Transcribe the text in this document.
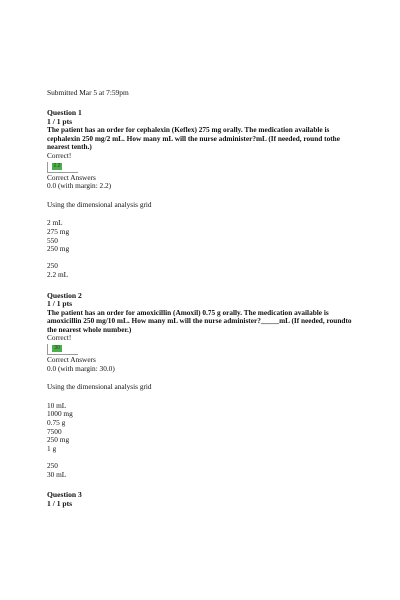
Submitted Mar 5 at 7:59pm
Question 1
1 / 1 pts

The patient has an order for cephalexin (Keflex) 275 mg orally. The medication available is cephalexin 250 mg/2 mL. How many mL will the nurse administer?mL (If needed, round tothe nearest tenth.)

Correct!
2.2
Correct Answers
0.0 (with margin: 2.2)
Using the dimensional analysis grid
2 mL
275 mg
550
250 mg
250
2.2 mL
Question 2
1 / 1 pts

The patient has an order for amoxicillin (Amoxil) 0.75 g orally. The medication available is amoxicillin 250 mg/10 mL. How many mL will the nurse administer?_____mL (If needed, roundto the nearest whole number.)

Correct!
30
Correct Answers
0.0 (with margin: 30.0)
Using the dimensional analysis grid
10 mL
1000 mg
0.75 g
7500
250 mg
1 g
250
30 mL
Question 3
1 / 1 pts
